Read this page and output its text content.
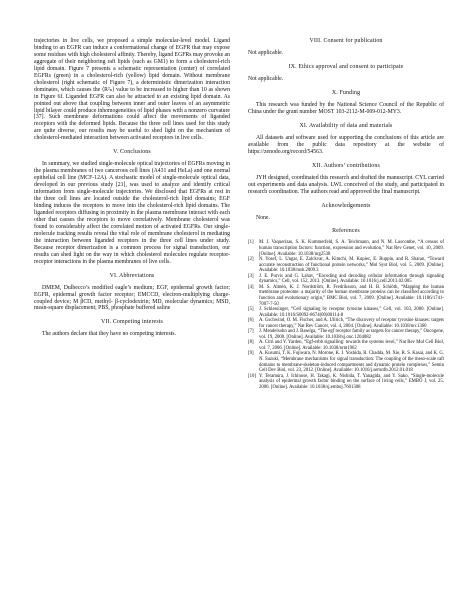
trajectories in live cells, we proposed a simple molecular-level model. Ligand binding to an EGFR can induce a conformational change of EGFR that may expose some residues with high cholesterol affinity. Thereby, ligand EGFRs may provoke an aggregate of their neighboring raft lipids (such as GM1) to form a cholesterol-rich lipid domain. Figure 7 presents a schematic representation (center) of correlated EGFRs (green) in a cholesterol-rich (yellow) lipid domain. Without membrane cholesterol (right schematic of Figure 7), a deterministic dimerization interaction dominates, which causes the ⟨R²ₙ⟩ value to be increased to higher than 10 as shown in Figure 6f. Liganded EGFR can also be attracted to an existing lipid domain. As pointed out above that coupling between inner and outer leaves of an asymmetric lipid bilayer could produce inhomogeneities of lipid phases with a nonzero curvature [37]. Such membrane deformations could affect the movements of liganded receptors with the deformed lipids. Because the three cell lines used for this study are quite diverse, our results may be useful to shed light on the mechanism of cholesterol-mediated interaction between activated receptors in live cells.

V. Conclusions

In summary, we studied single-molecule optical trajectories of EGFRs moving in the plasma membranes of two cancerous cell lines (A431 and HeLa) and one normal epithelial cell line (MCF-12A). A stochastic model of single-molecule optical data, developed in our previous study [21], was used to analyze and identify critical information from single-molecule trajectories. We disclosed that EGFRs at rest in the three cell lines are located outside the cholesterol-rich lipid domains; EGF binding induces the receptors to move into the cholesterol-rich lipid domains. The liganded receptors diffusing in proximity in the plasma membrane interact with each other that causes the receptors to move correlatively. Membrane cholesterol was found to considerably affect the correlated motion of activated EGFRs. Our single-molecule tracking results reveal the vital role of membrane cholesterol in mediating the interaction between liganded receptors in the three cell lines under study. Because receptor dimerization is a common process for signal transduction, our results can shed light on the way in which cholesterol molecules regulate receptor-receptor interactions in the plasma membranes of live cells.

VI. Abbreviations

DMEM, Dulbecco’s modified eagle’s medium; EGF, epidermal growth factor; EGFR, epidermal growth factor receptor; EMCCD, electron-multiplying charge-coupled device; M βCD, methyl- β-cyclodextrin; MD, molecular dynamics; MSD, mean-square displacement; PBS, phosphate buffered saline

VII. Competing interests

The authors declare that they have no competing interests.

VIII. Consent for publication

Not applicable.

IX. Ethics approval and consent to participate

Not applicable.

X. Funding

This research was funded by the National Science Council of the Republic of China under the grant number MOST 103-2112-M-009-012-MY3.

XI. Availability of data and materials

All datasets and software used for supporting the conclusions of this article are available from the public data repository at the website of https://zenodo.org/record/54563.

XII. Authors’ contributions

JYH designed, coordinated this research and drafted the manuscript. CYL carried out experiments and data analysis. LWL conceived of the study, and participated in research coordination. The authors read and approved the final manuscript.

Acknowledgements

None.

References
[1] M. J. Vaquerizas, S. K. Kummerfeld, S. A. Teichmann, and N. M. Luscombe, “A census of human transcription factors: function, expression and evolution,” Nat Rev Genet, vol. 10, 2009. [Online]. Available: 10.1038/nrg2538
[2] N. Yosef, L. Ungar, E. Zalckvar, A. Kimchi, M. Kupiec, E. Ruppin, and R. Sharan, “Toward accurate reconstruction of functional protein networks,” Mol Syst Biol, vol. 5, 2009. [Online]. Available: 10.1038/msb.2009.3
[3] J. E. Purvis and G. Lahav, “Encoding and decoding cellular information through signaling dynamics,” Cell, vol. 152, 2013. [Online]. Available: 10.1016/j.cell.2013.02.005
[4] M. S. Almén, K. J. Nordström, R. Fredriksson, and H. B. Schiöth, “Mapping the human membrane proteome: a majority of the human membrane proteins can be classified according to function and evolutionary origin,” BMC Biol, vol. 7, 2009. [Online]. Available: 10.1186/1741-7007-7-50
[5] J. Schlessinger, “Cell signaling by receptor tyrosine kinases,” Cell, vol. 103, 2000. [Online]. Available: 10.1016/S0092-8674(00)00114-8
[6] A. Gschwind, O. M. Fischer, and A. Ullrich, “The discovery of receptor tyrosine kinases: targets for cancer therapy,” Nat Rev Cancer, vol. 4, 2004. [Online]. Available: 10.1038/nrc1360
[7] J. Mendelsohn and J. Baselga, “The egf receptor family as targets for cancer therapy,” Oncogene, vol. 19, 2000. [Online]. Available: 10.1038/sj.onc.1204082
[8] A. Citri and Y. Yarden, “Egf-erbb signalling: towards the systems level,” Nat Rev Mol Cell Biol, vol. 7, 2006. [Online]. Available: 10.1038/nrm1962
[9] A. Kusumi, T. K. Fujiwara, N. Morone, K. J. Yoshida, R. Chadda, M. Xie, R. S. Kasai, and K. G. N. Suzuki, “Membrane mechanisms for signal transduction: The coupling of the meso-scale raft domains to membrane-skeleton-induced compartments and dynamic protein complexes,” Semin Cell Dev Biol, vol. 23, 2012. [Online]. Available: 10.1016/j.semcdb.2012.01.018
[10] Y. Teramura, J. Ichinose, H. Takagi, K. Nishida, T. Yanagida, and Y. Sako, “Single-molecule analysis of epidermal growth factor binding on the surface of living cells,” EMBO J, vol. 25, 2006. [Online]. Available: 10.1038/sj.emboj.7601308
